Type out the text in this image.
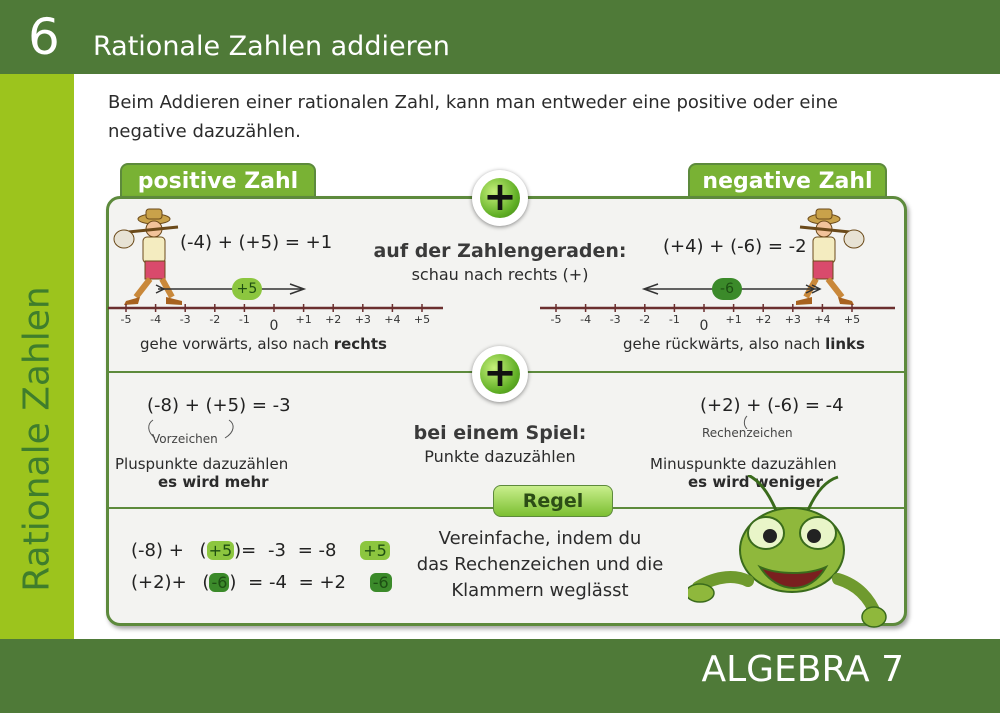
6 Rationale Zahlen addieren
Rationale Zahlen
ALGEBRA 7
Beim Addieren einer rationalen Zahl, kann man entweder eine positive oder eine negative dazuzählen.
positive Zahl	negative Zahl
+
+
(-4) + (+5) = +1	auf der Zahlengeraden:
schau nach rechts (+)
(+4) + (-6) = -2
-5 -4 -3 -2 -1 0 +1 +2 +3 +4 +5
+5
-5 -4 -3 -2 -1 0 +1 +2 +3 +4 +5
-6
gehe vorwärts, also nach rechts	gehe rückwärts, also nach links
(-8) + (+5) = -3
Vorzeichen
Pluspunkte dazuzählen
es wird mehr
bei einem Spiel:
Punkte dazuzählen
(+2) + (-6) = -4
Rechenzeichen
Minuspunkte dazuzählen
es wird weniger
Regel
(-8) + ( +5 )= -3 = -8 +5
(+2)+ ( -6 ) = -4 = +2 -6
Vereinfache, indem du
das Rechenzeichen und die
Klammern weglässt
